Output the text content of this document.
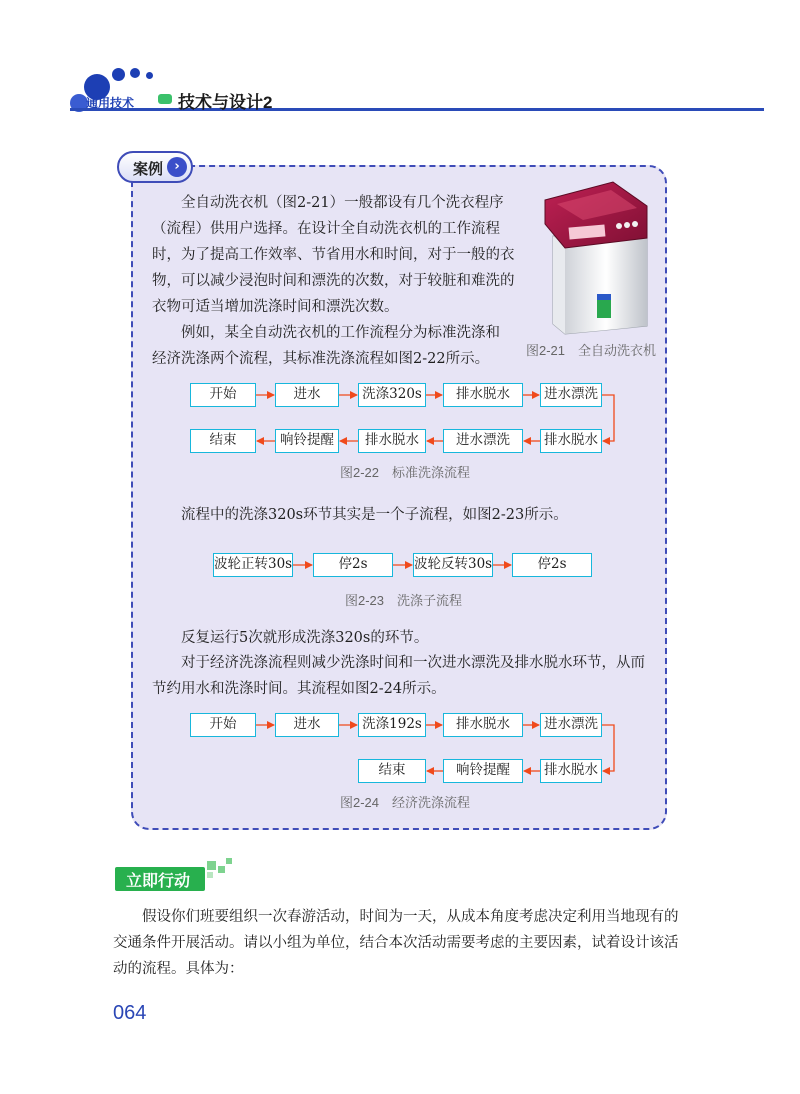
通用技术	技术与设计2
案例 ›
全自动洗衣机（图2-21）一般都设有几个洗衣程序（流程）供用户选择。在设计全自动洗衣机的工作流程时，为了提高工作效率、节省用水和时间，对于一般的衣物，可以减少浸泡时间和漂洗的次数，对于较脏和难洗的衣物可适当增加洗涤时间和漂洗次数。
例如，某全自动洗衣机的工作流程分为标准洗涤和经济洗涤两个流程，其标准洗涤流程如图2-22所示。
图2-21　全自动洗衣机
开始	进水	洗涤320s	排水脱水	进水漂洗
结束	响铃提醒	排水脱水	进水漂洗	排水脱水
图2-22　标准洗涤流程
流程中的洗涤320s环节其实是一个子流程，如图2-23所示。
波轮正转30s	停2s	波轮反转30s	停2s
图2-23　洗涤子流程
反复运行5次就形成洗涤320s的环节。
对于经济洗涤流程则减少洗涤时间和一次进水漂洗及排水脱水环节，从而节约用水和洗涤时间。其流程如图2-24所示。
开始	进水	洗涤192s	排水脱水	进水漂洗
结束	响铃提醒	排水脱水
图2-24　经济洗涤流程
立即行动
假设你们班要组织一次春游活动，时间为一天，从成本角度考虑决定利用当地现有的交通条件开展活动。请以小组为单位，结合本次活动需要考虑的主要因素，试着设计该活动的流程。具体为：
064
